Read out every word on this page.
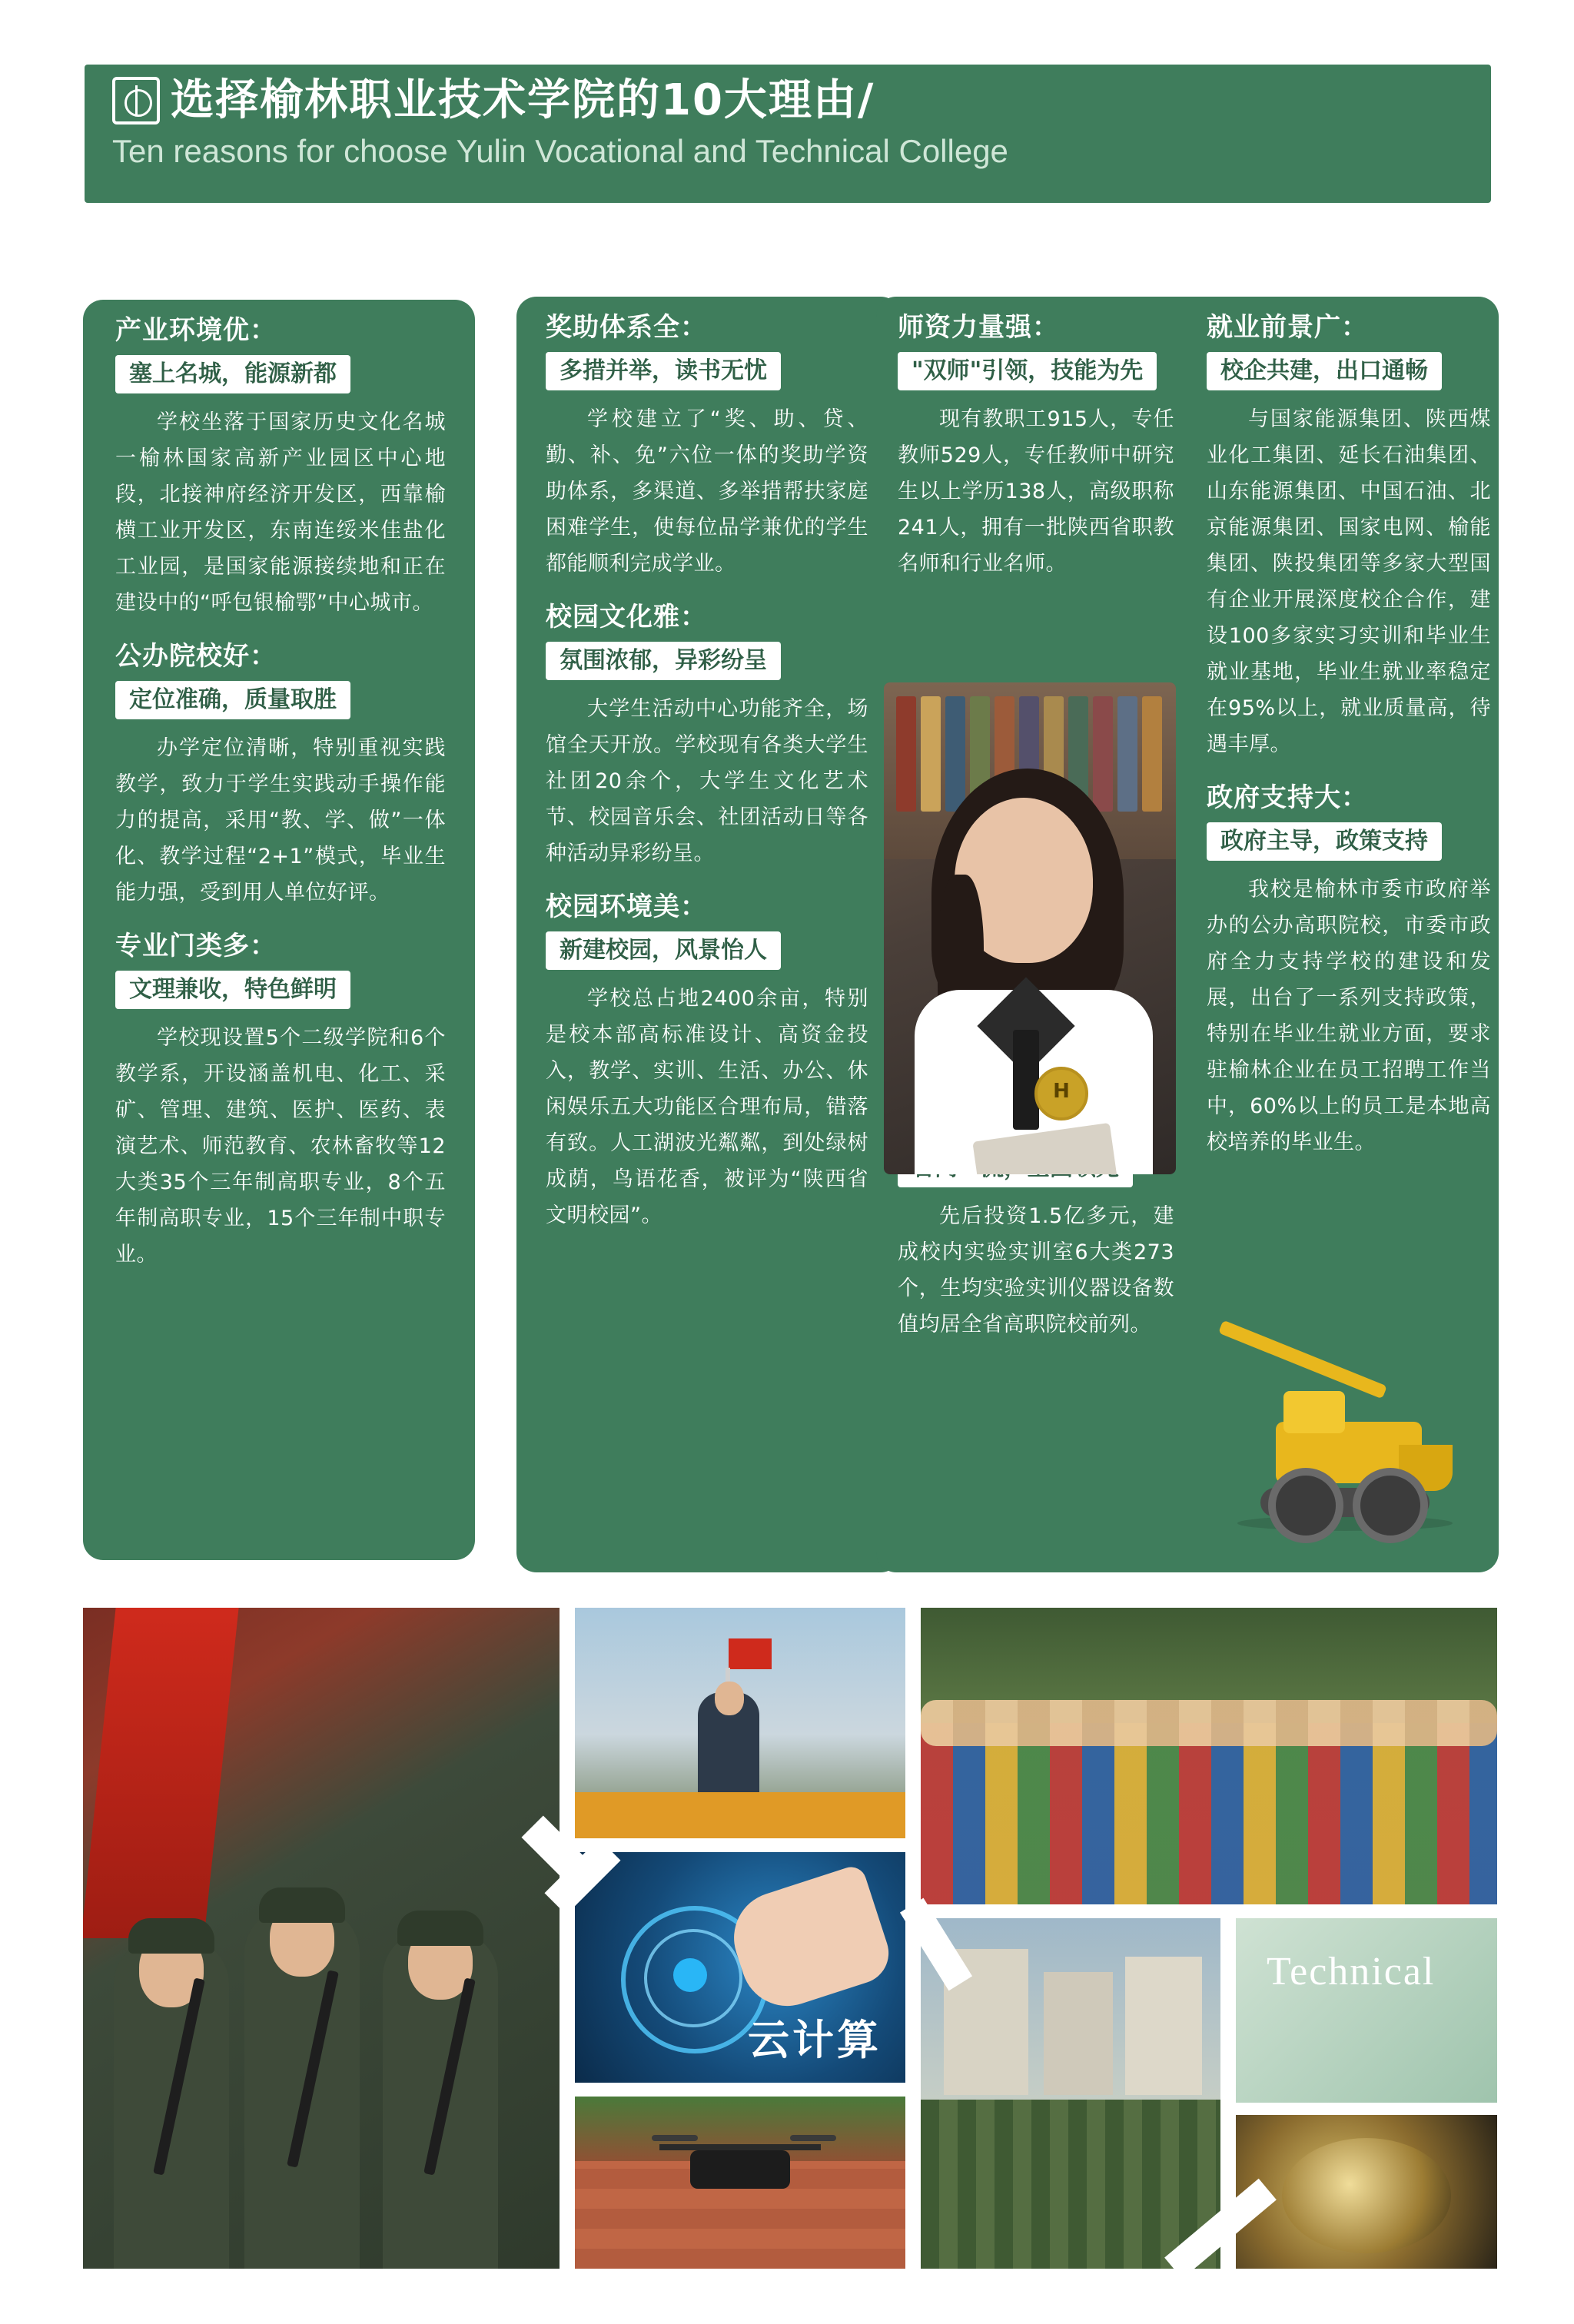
选择榆林职业技术学院的10大理由/
Ten reasons for choose Yulin Vocational and Technical College
产业环境优：
塞上名城，能源新都
学校坐落于国家历史文化名城一榆林国家高新产业园区中心地段，北接神府经济开发区，西靠榆横工业开发区，东南连绥米佳盐化工业园，是国家能源接续地和正在建设中的“呼包银榆鄂”中心城市。
公办院校好：
定位准确，质量取胜
办学定位清晰，特别重视实践教学，致力于学生实践动手操作能力的提高，采用“教、学、做”一体化、教学过程“2+1”模式，毕业生能力强，受到用人单位好评。
专业门类多：
文理兼收，特色鲜明
学校现设置5个二级学院和6个教学系，开设涵盖机电、化工、采矿、管理、建筑、医护、医药、表演艺术、师范教育、农林畜牧等12大类35个三年制高职专业，8个五年制高职专业，15个三年制中职专业。
奖助体系全：
多措并举，读书无忧
学校建立了“奖、助、贷、勤、补、免”六位一体的奖助学资助体系，多渠道、多举措帮扶家庭困难学生，使每位品学兼优的学生都能顺利完成学业。
校园文化雅：
氛围浓郁，异彩纷呈
大学生活动中心功能齐全，场馆全天开放。学校现有各类大学生社团20余个，大学生文化艺术节、校园音乐会、社团活动日等各种活动异彩纷呈。
校园环境美：
新建校园，风景怡人
学校总占地2400余亩，特别是校本部高标准设计、高资金投入，教学、实训、生活、办公、休闲娱乐五大功能区合理布局，错落有致。人工湖波光粼粼，到处绿树成荫，鸟语花香，被评为“陕西省文明校园”。
师资力量强：
"双师"引领，技能为先
现有教职工915人，专任教师529人，专任教师中研究生以上学历138人，高级职称241人，拥有一批陕西省职教名师和行业名师。
先后投资1.5亿多元，建成校内实验实训室6大类273个，生均实验实训仪器设备数值均居全省高职院校前列。
就业前景广：
校企共建，出口通畅
与国家能源集团、陕西煤业化工集团、延长石油集团、山东能源集团、中国石油、北京能源集团、国家电网、榆能集团、陕投集团等多家大型国有企业开展深度校企合作，建设100多家实习实训和毕业生就业基地，毕业生就业率稳定在95%以上，就业质量高，待遇丰厚。
政府支持大：
政府主导，政策支持
我校是榆林市委市政府举办的公办高职院校，市委市政府全力支持学校的建设和发展，出台了一系列支持政策，特别在毕业生就业方面，要求驻榆林企业在员工招聘工作当中，60%以上的员工是本地高校培养的毕业生。
H
云计算
Technical
